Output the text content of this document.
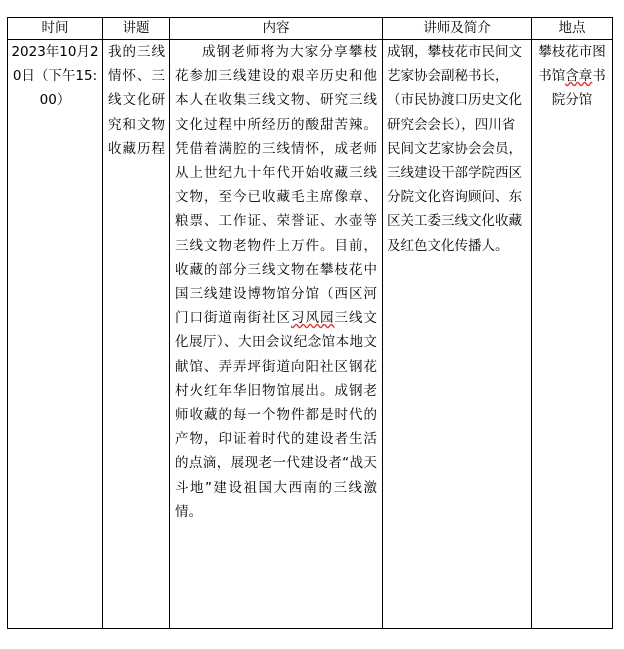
时间	讲题	内容	讲师及简介	地点
2023年10月20日（下午15:00）	我的三线情怀、三线文化研究和文物收藏历程	成钢老师将为大家分享攀枝花参加三线建设的艰辛历史和他本人在收集三线文物、研究三线文化过程中所经历的酸甜苦辣。凭借着满腔的三线情怀，成老师从上世纪九十年代开始收藏三线文物，至今已收藏毛主席像章、粮票、工作证、荣誉证、水壶等三线文物老物件上万件。目前，收藏的部分三线文物在攀枝花中国三线建设博物馆分馆（西区河门口街道南街社区习风园三线文化展厅）、大田会议纪念馆本地文献馆、弄弄坪街道向阳社区钢花村火红年华旧物馆展出。成钢老师收藏的每一个物件都是时代的产物，印证着时代的建设者生活的点滴，展现老一代建设者“战天斗地”建设祖国大西南的三线激情。	成钢，攀枝花市民间文艺家协会副秘书长，（市民协渡口历史文化研究会会长），四川省民间文艺家协会会员，三线建设干部学院西区分院文化咨询顾问、东区关工委三线文化收藏及红色文化传播人。	攀枝花市图书馆含章书院分馆
